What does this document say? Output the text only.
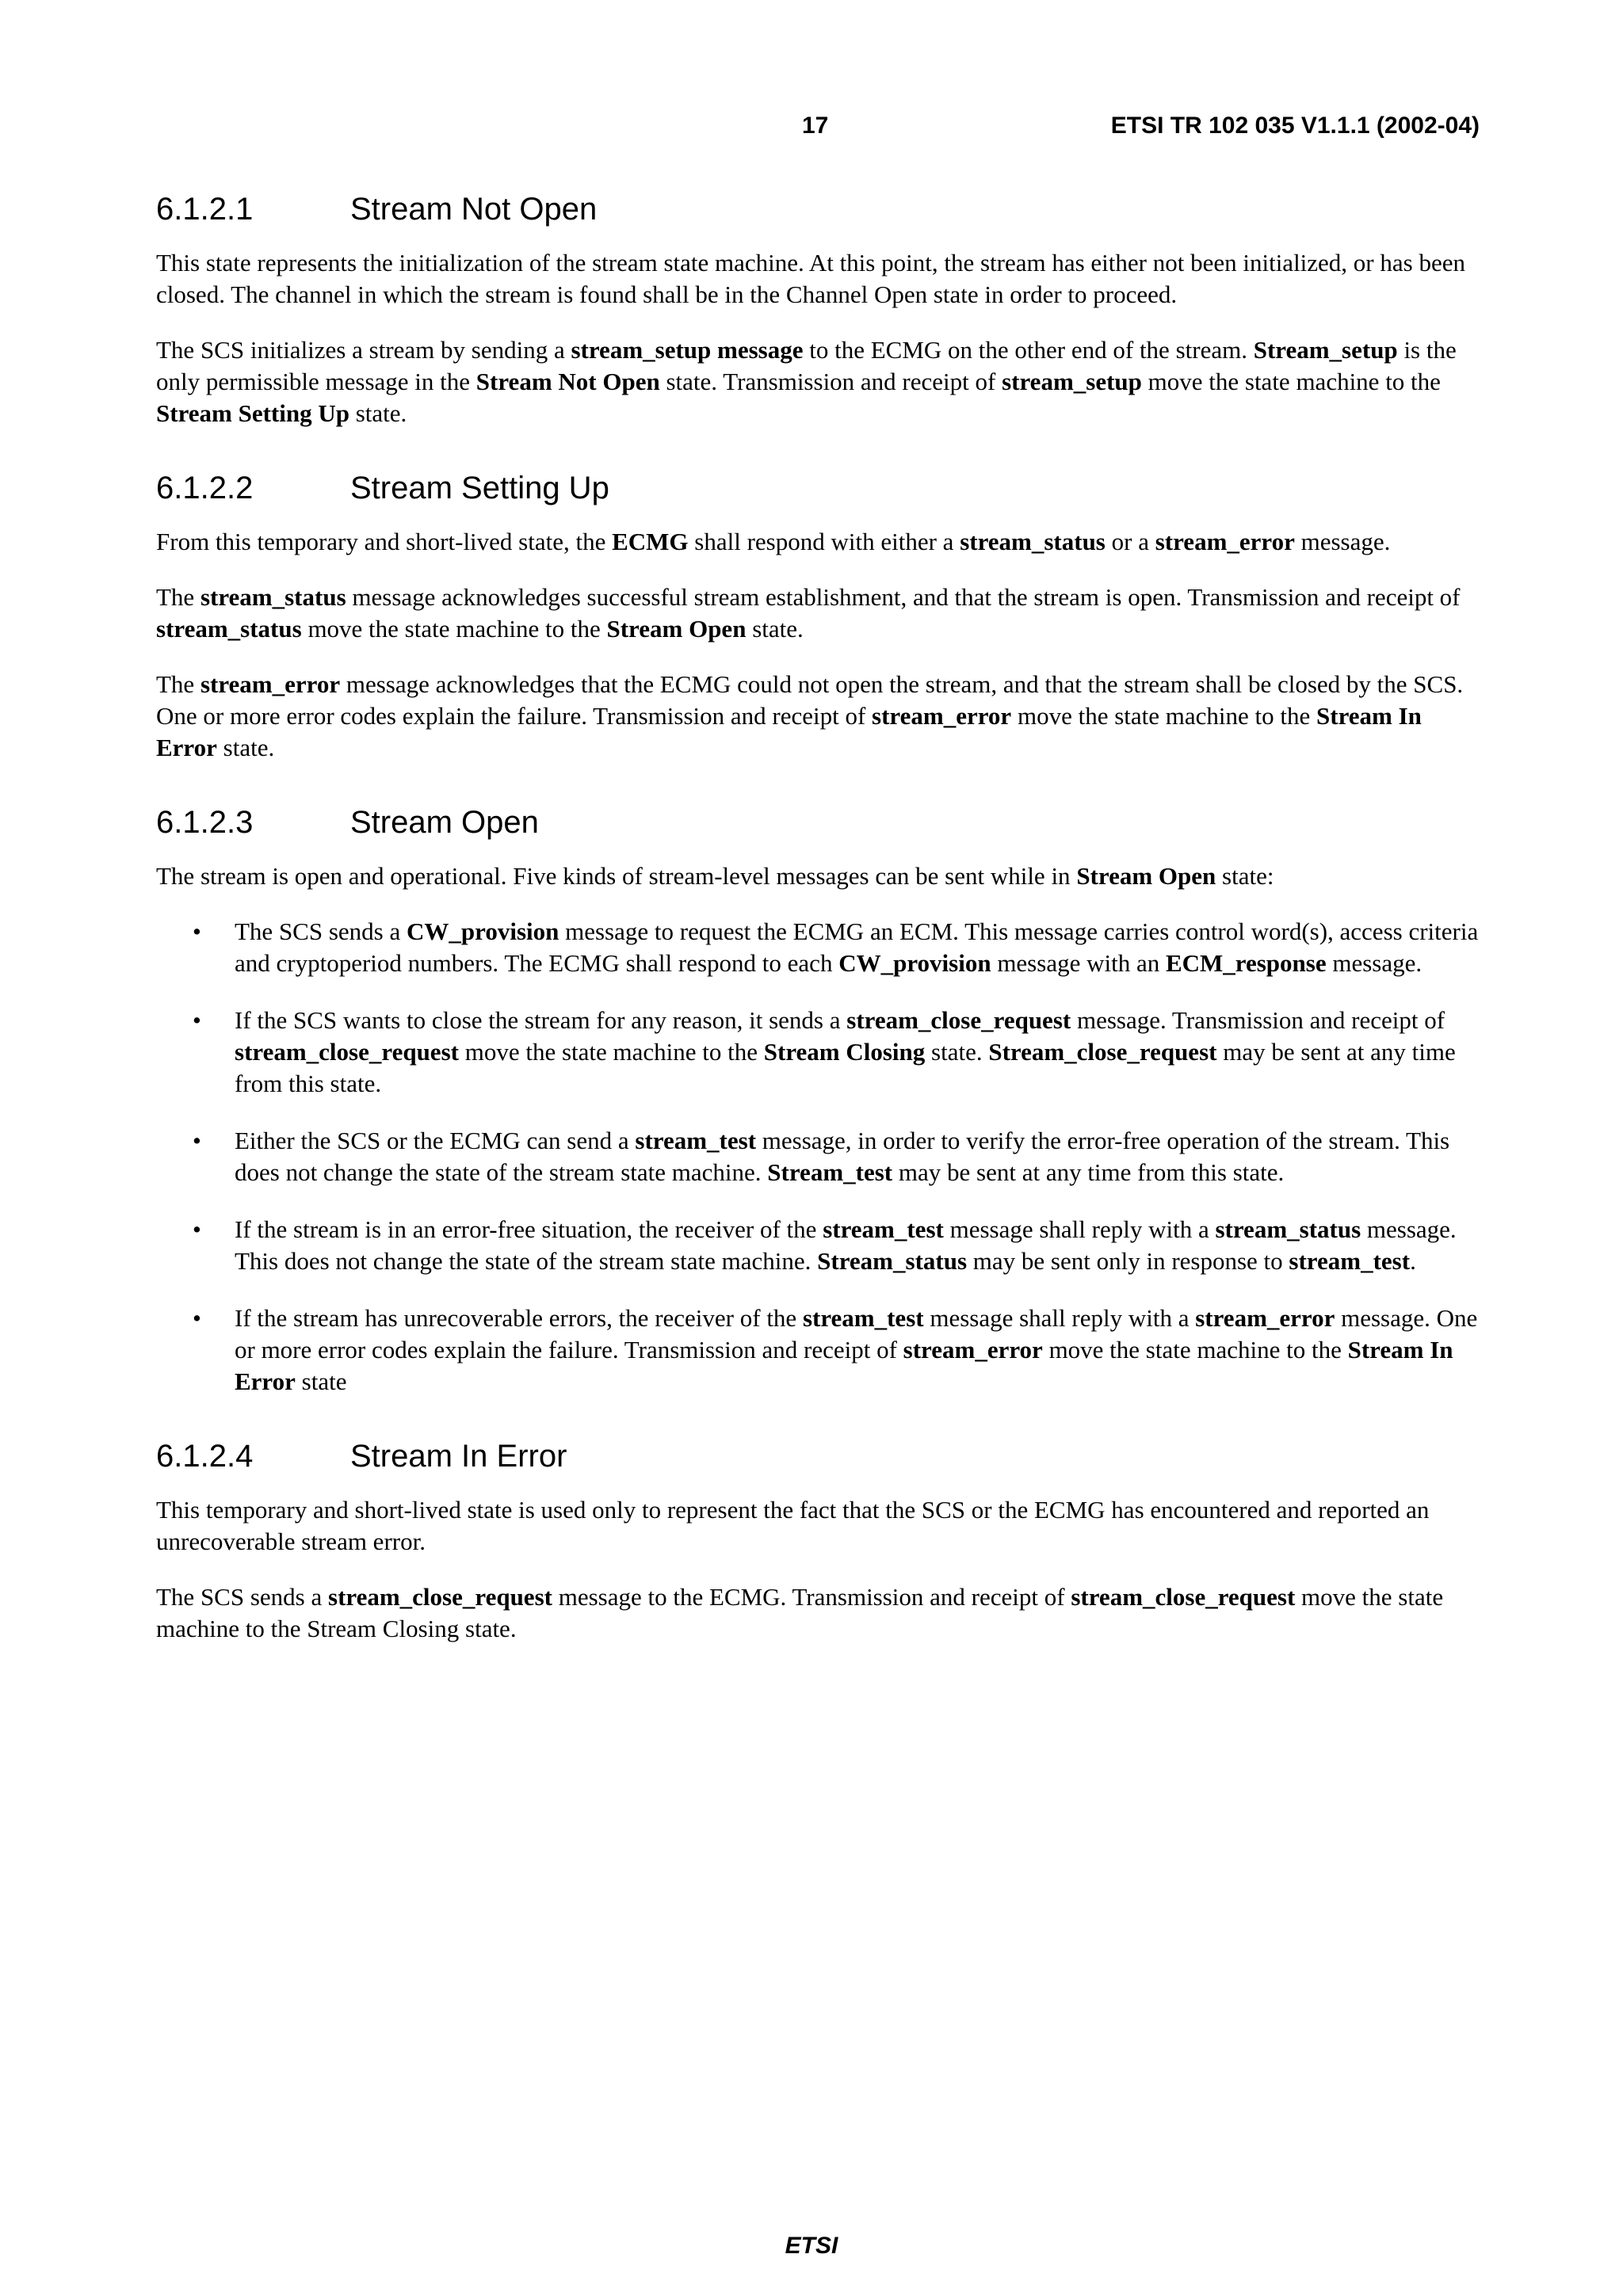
17	ETSI TR 102 035 V1.1.1 (2002-04)
6.1.2.1	Stream Not Open

This state represents the initialization of the stream state machine. At this point, the stream has either not been initialized, or has been closed. The channel in which the stream is found shall be in the Channel Open state in order to proceed.

The SCS initializes a stream by sending a stream_setup message to the ECMG on the other end of the stream. Stream_setup is the only permissible message in the Stream Not Open state. Transmission and receipt of stream_setup move the state machine to the Stream Setting Up state.

6.1.2.2	Stream Setting Up

From this temporary and short-lived state, the ECMG shall respond with either a stream_status or a stream_error message.

The stream_status message acknowledges successful stream establishment, and that the stream is open. Transmission and receipt of stream_status move the state machine to the Stream Open state.

The stream_error message acknowledges that the ECMG could not open the stream, and that the stream shall be closed by the SCS. One or more error codes explain the failure. Transmission and receipt of stream_error move the state machine to the Stream In Error state.

6.1.2.3	Stream Open

The stream is open and operational. Five kinds of stream-level messages can be sent while in Stream Open state:

• The SCS sends a CW_provision message to request the ECMG an ECM. This message carries control word(s), access criteria and cryptoperiod numbers. The ECMG shall respond to each CW_provision message with an ECM_response message.
• If the SCS wants to close the stream for any reason, it sends a stream_close_request message. Transmission and receipt of stream_close_request move the state machine to the Stream Closing state. Stream_close_request may be sent at any time from this state.
• Either the SCS or the ECMG can send a stream_test message, in order to verify the error-free operation of the stream. This does not change the state of the stream state machine. Stream_test may be sent at any time from this state.
• If the stream is in an error-free situation, the receiver of the stream_test message shall reply with a stream_status message. This does not change the state of the stream state machine. Stream_status may be sent only in response to stream_test.
• If the stream has unrecoverable errors, the receiver of the stream_test message shall reply with a stream_error message. One or more error codes explain the failure. Transmission and receipt of stream_error move the state machine to the Stream In Error state
6.1.2.4	Stream In Error

This temporary and short-lived state is used only to represent the fact that the SCS or the ECMG has encountered and reported an unrecoverable stream error.

The SCS sends a stream_close_request message to the ECMG. Transmission and receipt of stream_close_request move the state machine to the Stream Closing state.

ETSI
